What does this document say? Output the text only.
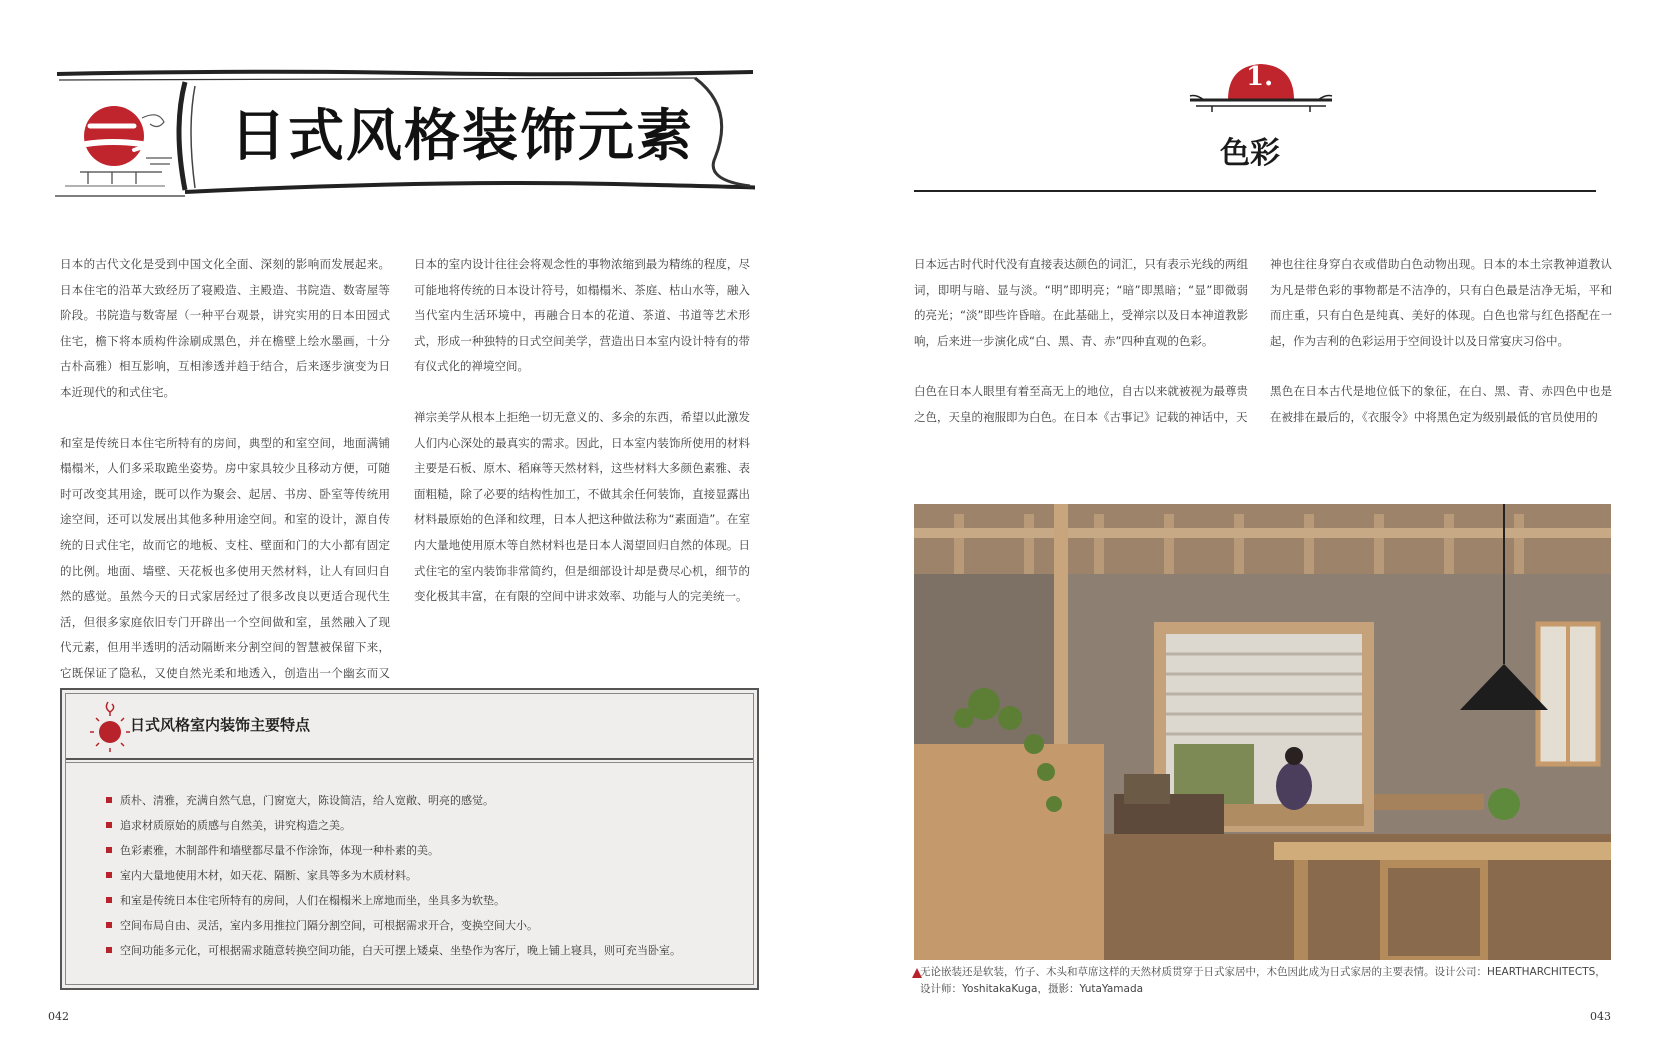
日式风格装饰元素

日本的古代文化是受到中国文化全面、深刻的影响而发展起来。日本住宅的沿革大致经历了寝殿造、主殿造、书院造、数寄屋等阶段。书院造与数寄屋（一种平台观景，讲究实用的日本田园式住宅，檐下将本质构件涂刷成黑色，并在檐壁上绘水墨画，十分古朴高雅）相互影响，互相渗透并趋于结合，后来逐步演变为日本近现代的和式住宅。

和室是传统日本住宅所特有的房间，典型的和室空间，地面满铺榻榻米，人们多采取跪坐姿势。房中家具较少且移动方便，可随时可改变其用途，既可以作为聚会、起居、书房、卧室等传统用途空间，还可以发展出其他多种用途空间。和室的设计，源自传统的日式住宅，故而它的地板、支柱、壁面和门的大小都有固定的比例。地面、墙壁、天花板也多使用天然材料，让人有回归自然的感觉。虽然今天的日式家居经过了很多改良以更适合现代生活，但很多家庭依旧专门开辟出一个空间做和室，虽然融入了现代元素，但用半透明的活动隔断来分割空间的智慧被保留下来，它既保证了隐私，又使自然光柔和地透入，创造出一个幽玄而又

日本的室内设计往往会将观念性的事物浓缩到最为精练的程度，尽可能地将传统的日本设计符号，如榻榻米、茶庭、枯山水等，融入当代室内生活环境中，再融合日本的花道、茶道、书道等艺术形式，形成一种独特的日式空间美学，营造出日本室内设计特有的带有仪式化的禅境空间。

禅宗美学从根本上拒绝一切无意义的、多余的东西，希望以此激发人们内心深处的最真实的需求。因此，日本室内装饰所使用的材料主要是石板、原木、稻麻等天然材料，这些材料大多颜色素雅、表面粗糙，除了必要的结构性加工，不做其余任何装饰，直接显露出材料最原始的色泽和纹理，日本人把这种做法称为“素面造”。在室内大量地使用原木等自然材料也是日本人渴望回归自然的体现。日式住宅的室内装饰非常简约，但是细部设计却是费尽心机，细节的变化极其丰富，在有限的空间中讲求效率、功能与人的完美统一。

日式风格室内装饰主要特点
质朴、清雅，充满自然气息，门窗宽大，陈设简洁，给人宽敞、明亮的感觉。
追求材质原始的质感与自然美，讲究构造之美。
色彩素雅，木制部件和墙壁都尽量不作涂饰，体现一种朴素的美。
室内大量地使用木材，如天花、隔断、家具等多为木质材料。
和室是传统日本住宅所特有的房间，人们在榻榻米上席地而坐，坐具多为软垫。
空间布局自由、灵活，室内多用推拉门隔分割空间，可根据需求开合，变换空间大小。
空间功能多元化，可根据需求随意转换空间功能，白天可摆上矮桌、坐垫作为客厅，晚上铺上寝具，则可充当卧室。
042
1.
色彩

日本远古时代时代没有直接表达颜色的词汇，只有表示光线的两组词，即明与暗、显与淡。“明”即明亮；“暗”即黑暗；“显”即微弱的亮光；“淡”即些许昏暗。在此基础上，受禅宗以及日本神道教影响，后来进一步演化成“白、黑、青、赤”四种直观的色彩。

白色在日本人眼里有着至高无上的地位，自古以来就被视为最尊贵之色，天皇的袍服即为白色。在日本《古事记》记载的神话中，天

神也往往身穿白衣或借助白色动物出现。日本的本土宗教神道教认为凡是带色彩的事物都是不洁净的，只有白色最是洁净无垢，平和而庄重，只有白色是纯真、美好的体现。白色也常与红色搭配在一起，作为吉利的色彩运用于空间设计以及日常宴庆习俗中。

黑色在日本古代是地位低下的象征，在白、黑、青、赤四色中也是在被排在最后的，《衣服令》中将黑色定为级别最低的官员使用的

无论嵌装还是软装，竹子、木头和草席这样的天然材质贯穿于日式家居中，木色因此成为日式家居的主要表情。设计公司：HEARTHARCHITECTS，
设计师：YoshitakaKuga，摄影：YutaYamada
043
